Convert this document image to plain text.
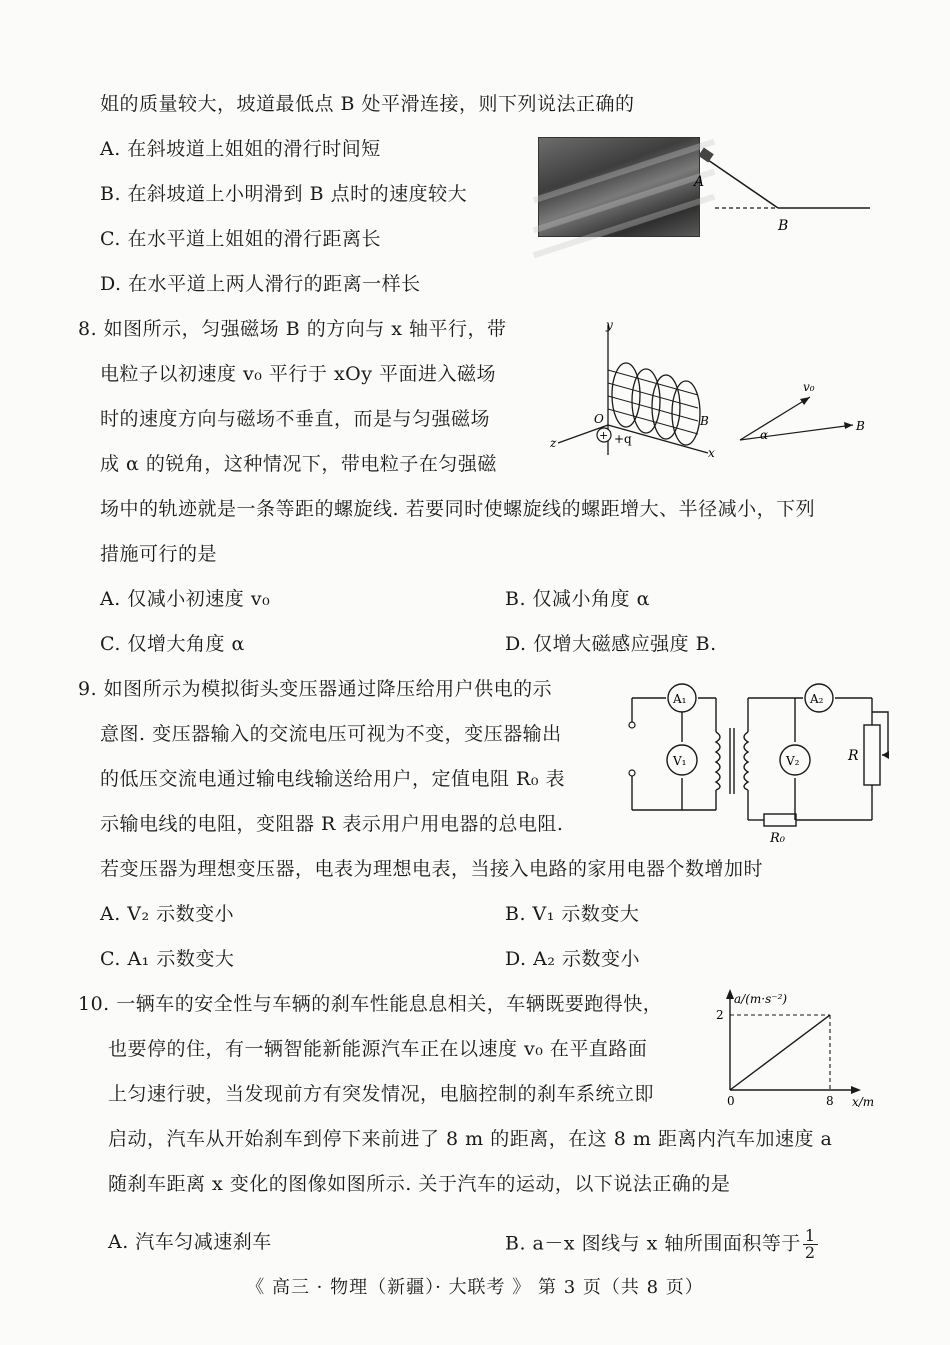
姐的质量较大，坡道最低点 B 处平滑连接，则下列说法正确的
A. 在斜坡道上姐姐的滑行时间短
B. 在斜坡道上小明滑到 B 点时的速度较大
C. 在水平道上姐姐的滑行距离长
D. 在水平道上两人滑行的距离一样长
A
B
8. 如图所示，匀强磁场 B 的方向与 x 轴平行，带
电粒子以初速度 v₀ 平行于 xOy 平面进入磁场
时的速度方向与磁场不垂直，而是与匀强磁场
成 α 的锐角，这种情况下，带电粒子在匀强磁
场中的轨迹就是一条等距的螺旋线. 若要同时使螺旋线的螺距增大、半径减小，下列
措施可行的是
A. 仅减小初速度 v₀	B. 仅减小角度 α
C. 仅增大角度 α	D. 仅增大磁感应强度 B.
+
y
x
z
O
+q
B
v₀
α
B
9. 如图所示为模拟街头变压器通过降压给用户供电的示
意图. 变压器输入的交流电压可视为不变，变压器输出
的低压交流电通过输电线输送给用户，定值电阻 R₀ 表
示输电线的电阻，变阻器 R 表示用户用电器的总电阻.
若变压器为理想变压器，电表为理想电表，当接入电路的家用电器个数增加时
A. V₂ 示数变小	B. V₁ 示数变大
C. A₁ 示数变大	D. A₂ 示数变小
A₁
V₁
A₂
V₂	R
R₀
10. 一辆车的安全性与车辆的刹车性能息息相关，车辆既要跑得快，
也要停的住，有一辆智能新能源汽车正在以速度 v₀ 在平直路面
上匀速行驶，当发现前方有突发情况，电脑控制的刹车系统立即
启动，汽车从开始刹车到停下来前进了 8 m 的距离，在这 8 m 距离内汽车加速度 a
随刹车距离 x 变化的图像如图所示. 关于汽车的运动，以下说法正确的是
A. 汽车匀减速刹车	B. a－x 图线与 x 轴所围面积等于 $\frac{1}{2}$
a/(m·s⁻²)
x/m
0	8
2
《 高三 · 物理（新疆）· 大联考 》 第 3 页（共 8 页）
